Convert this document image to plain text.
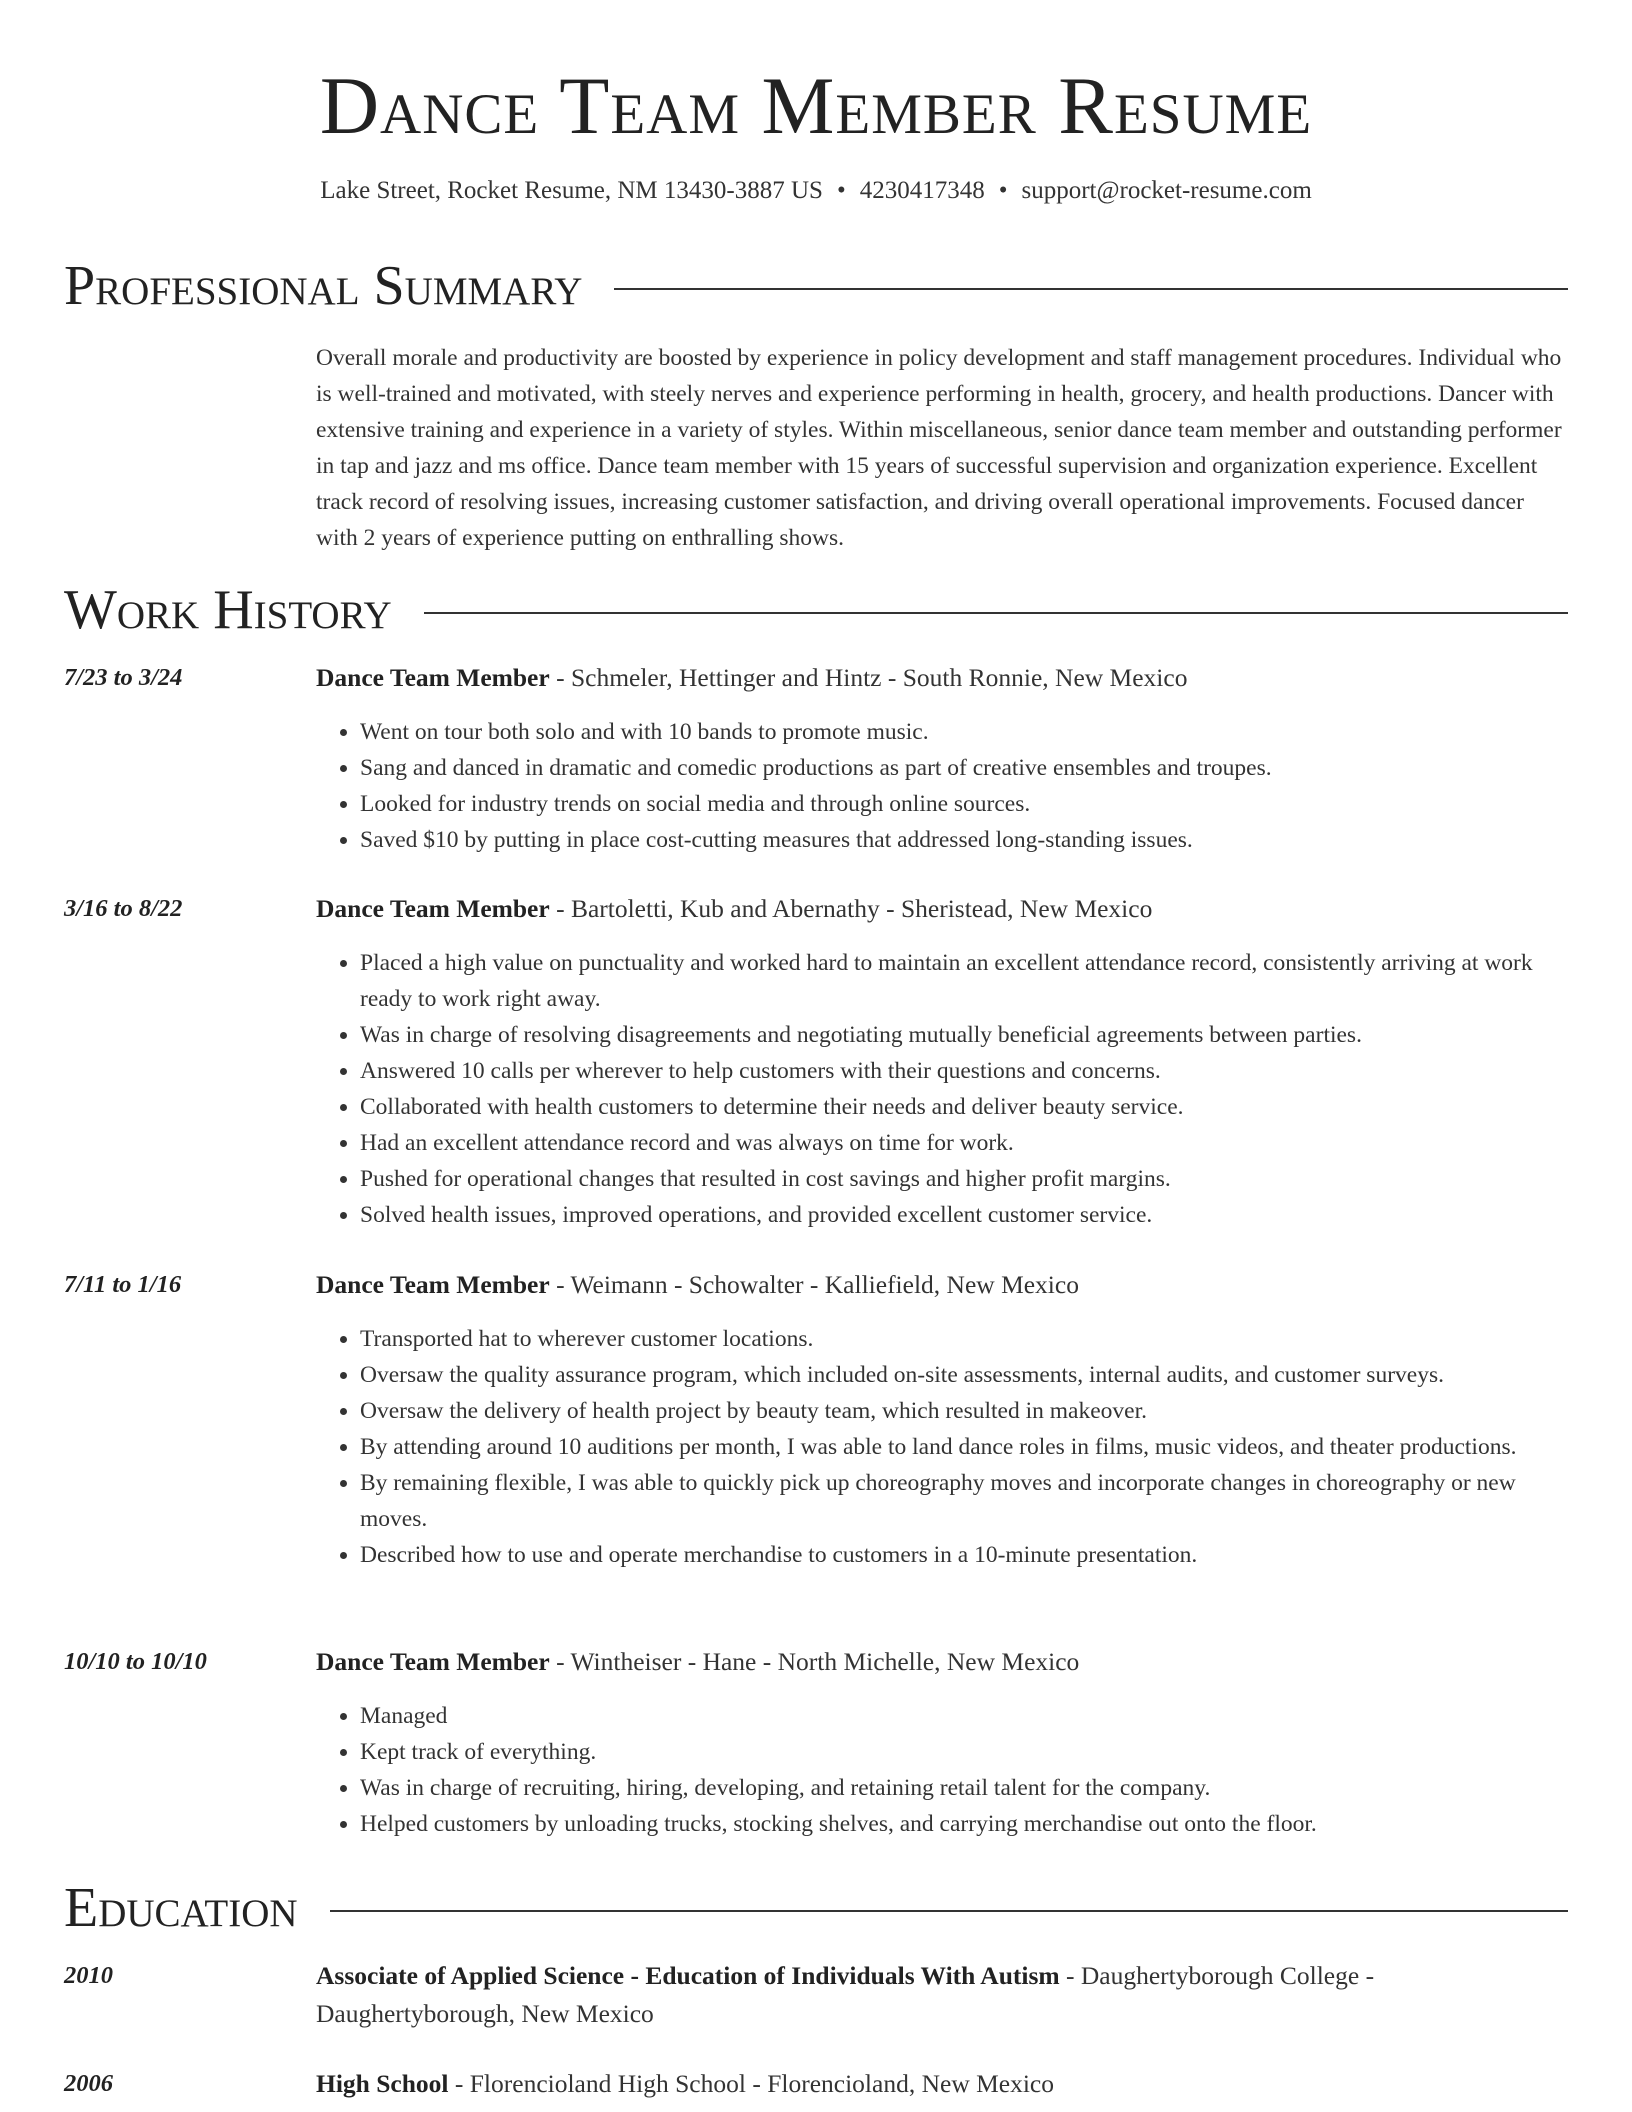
Dance Team Member Resume
Lake Street, Rocket Resume, NM 13430-3887 US • 4230417348 • support@rocket-resume.com
Professional Summary

Overall morale and productivity are boosted by experience in policy development and staff management procedures. Individual who is well-trained and motivated, with steely nerves and experience performing in health, grocery, and health productions. Dancer with extensive training and experience in a variety of styles. Within miscellaneous, senior dance team member and outstanding performer in tap and jazz and ms office. Dance team member with 15 years of successful supervision and organization experience. Excellent track record of resolving issues, increasing customer satisfaction, and driving overall operational improvements. Focused dancer with 2 years of experience putting on enthralling shows.

Work History
7/23 to 3/24	Dance Team Member - Schmeler, Hettinger and Hintz - South Ronnie, New Mexico
• Went on tour both solo and with 10 bands to promote music.
• Sang and danced in dramatic and comedic productions as part of creative ensembles and troupes.
• Looked for industry trends on social media and through online sources.
• Saved $10 by putting in place cost-cutting measures that addressed long-standing issues.
3/16 to 8/22	Dance Team Member - Bartoletti, Kub and Abernathy - Sheristead, New Mexico
• Placed a high value on punctuality and worked hard to maintain an excellent attendance record, consistently arriving at work ready to work right away.
• Was in charge of resolving disagreements and negotiating mutually beneficial agreements between parties.
• Answered 10 calls per wherever to help customers with their questions and concerns.
• Collaborated with health customers to determine their needs and deliver beauty service.
• Had an excellent attendance record and was always on time for work.
• Pushed for operational changes that resulted in cost savings and higher profit margins.
• Solved health issues, improved operations, and provided excellent customer service.
7/11 to 1/16	Dance Team Member - Weimann - Schowalter - Kalliefield, New Mexico
• Transported hat to wherever customer locations.
• Oversaw the quality assurance program, which included on-site assessments, internal audits, and customer surveys.
• Oversaw the delivery of health project by beauty team, which resulted in makeover.
• By attending around 10 auditions per month, I was able to land dance roles in films, music videos, and theater productions.
• By remaining flexible, I was able to quickly pick up choreography moves and incorporate changes in choreography or new moves.
• Described how to use and operate merchandise to customers in a 10-minute presentation.
10/10 to 10/10	Dance Team Member - Wintheiser - Hane - North Michelle, New Mexico
• Managed
• Kept track of everything.
• Was in charge of recruiting, hiring, developing, and retaining retail talent for the company.
• Helped customers by unloading trucks, stocking shelves, and carrying merchandise out onto the floor.
Education
2010	Associate of Applied Science - Education of Individuals With Autism - Daughertyborough College - Daughertyborough, New Mexico
2006	High School - Florencioland High School - Florencioland, New Mexico
